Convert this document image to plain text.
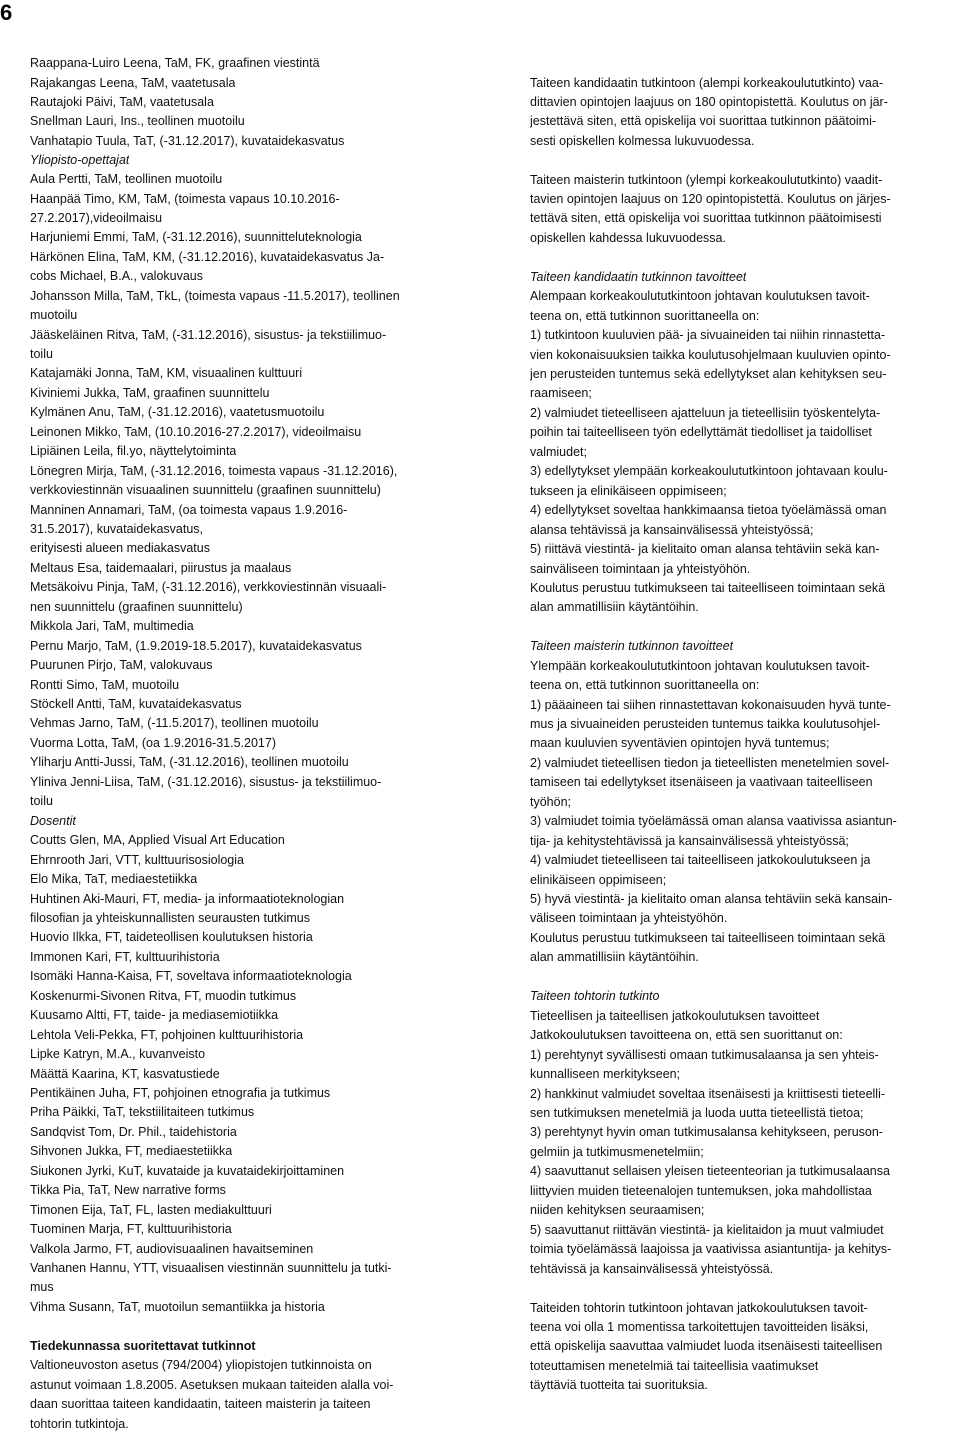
6
Raappana-Luiro Leena, TaM, FK, graafinen viestintä
Rajakangas Leena, TaM, vaatetusala
Rautajoki Päivi, TaM, vaatetusala
Snellman Lauri, Ins., teollinen muotoilu
Vanhatapio Tuula, TaT, (-31.12.2017), kuvataidekasvatus
Yliopisto-opettajat
Aula Pertti, TaM, teollinen muotoilu
Haanpää Timo, KM, TaM, (toimesta vapaus 10.10.2016-
27.2.2017),videoilmaisu
Harjuniemi Emmi, TaM, (-31.12.2016), suunnitteluteknologia
Härkönen Elina, TaM, KM, (-31.12.2016), kuvataidekasvatus Ja-
cobs Michael, B.A., valokuvaus
Johansson Milla, TaM, TkL, (toimesta vapaus -11.5.2017), teollinen
muotoilu
Jääskeläinen Ritva, TaM, (-31.12.2016), sisustus- ja tekstiilimuo-
toilu
Katajamäki Jonna, TaM, KM, visuaalinen kulttuuri
Kiviniemi Jukka, TaM, graafinen suunnittelu
Kylmänen Anu, TaM, (-31.12.2016), vaatetusmuotoilu
Leinonen Mikko, TaM, (10.10.2016-27.2.2017), videoilmaisu
Lipiäinen Leila, fil.yo, näyttelytoiminta
Lönegren Mirja, TaM, (-31.12.2016, toimesta vapaus -31.12.2016),
verkkoviestinnän visuaalinen suunnittelu (graafinen suunnittelu)
Manninen Annamari, TaM, (oa toimesta vapaus 1.9.2016-
31.5.2017), kuvataidekasvatus,
erityisesti alueen mediakasvatus
Meltaus Esa, taidemaalari, piirustus ja maalaus
Metsäkoivu Pinja, TaM, (-31.12.2016), verkkoviestinnän visuaali-
nen suunnittelu (graafinen suunnittelu)
Mikkola Jari, TaM, multimedia
Pernu Marjo, TaM, (1.9.2019-18.5.2017), kuvataidekasvatus
Puurunen Pirjo, TaM, valokuvaus
Rontti Simo, TaM, muotoilu
Stöckell Antti, TaM, kuvataidekasvatus
Vehmas Jarno, TaM, (-11.5.2017), teollinen muotoilu
Vuorma Lotta, TaM, (oa 1.9.2016-31.5.2017)
Yliharju Antti-Jussi, TaM, (-31.12.2016), teollinen muotoilu
Yliniva Jenni-Liisa, TaM, (-31.12.2016), sisustus- ja tekstiilimuo-
toilu
Dosentit
Coutts Glen, MA, Applied Visual Art Education
Ehrnrooth Jari, VTT, kulttuurisosiologia
Elo Mika, TaT, mediaestetiikka
Huhtinen Aki-Mauri, FT, media- ja informaatioteknologian
filosofian ja yhteiskunnallisten seurausten tutkimus
Huovio Ilkka, FT, taideteollisen koulutuksen historia
Immonen Kari, FT, kulttuurihistoria
Isomäki Hanna-Kaisa, FT, soveltava informaatioteknologia
Koskenurmi-Sivonen Ritva, FT, muodin tutkimus
Kuusamo Altti, FT, taide- ja mediasemiotiikka
Lehtola Veli-Pekka, FT, pohjoinen kulttuurihistoria
Lipke Katryn, M.A., kuvanveisto
Määttä Kaarina, KT, kasvatustiede
Pentikäinen Juha, FT, pohjoinen etnografia ja tutkimus
Priha Päikki, TaT, tekstiilitaiteen tutkimus
Sandqvist Tom, Dr. Phil., taidehistoria
Sihvonen Jukka, FT, mediaestetiikka
Siukonen Jyrki, KuT, kuvataide ja kuvataidekirjoittaminen
Tikka Pia, TaT, New narrative forms
Timonen Eija, TaT, FL, lasten mediakulttuuri
Tuominen Marja, FT, kulttuurihistoria
Valkola Jarmo, FT, audiovisuaalinen havaitseminen
Vanhanen Hannu, YTT, visuaalisen viestinnän suunnittelu ja tutki-
mus
Vihma Susann, TaT, muotoilun semantiikka ja historia
Tiedekunnassa suoritettavat tutkinnot
Valtioneuvoston asetus (794/2004) yliopistojen tutkinnoista on
astunut voimaan 1.8.2005. Asetuksen mukaan taiteiden alalla voi-
daan suorittaa taiteen kandidaatin, taiteen maisterin ja taiteen
tohtorin tutkintoja.
Taiteen kandidaatin tutkintoon (alempi korkeakoulututkinto) vaa-
dittavien opintojen laajuus on 180 opintopistettä. Koulutus on jär-
jestettävä siten, että opiskelija voi suorittaa tutkinnon päätoimi-
sesti opiskellen kolmessa lukuvuodessa.
Taiteen maisterin tutkintoon (ylempi korkeakoulututkinto) vaadit-
tavien opintojen laajuus on 120 opintopistettä. Koulutus on järjes-
tettävä siten, että opiskelija voi suorittaa tutkinnon päätoimisesti
opiskellen kahdessa lukuvuodessa.
Taiteen kandidaatin tutkinnon tavoitteet
Alempaan korkeakoulututkintoon johtavan koulutuksen tavoit-
teena on, että tutkinnon suorittaneella on:
1) tutkintoon kuuluvien pää- ja sivuaineiden tai niihin rinnastetta-
vien kokonaisuuksien taikka koulutusohjelmaan kuuluvien opinto-
jen perusteiden tuntemus sekä edellytykset alan kehityksen seu-
raamiseen;
2) valmiudet tieteelliseen ajatteluun ja tieteellisiin työskentelyta-
poihin tai taiteelliseen työn edellyttämät tiedolliset ja taidolliset
valmiudet;
3) edellytykset ylempään korkeakoulututkintoon johtavaan koulu-
tukseen ja elinikäiseen oppimiseen;
4) edellytykset soveltaa hankkimaansa tietoa työelämässä oman
alansa tehtävissä ja kansainvälisessä yhteistyössä;
5) riittävä viestintä- ja kielitaito oman alansa tehtäviin sekä kan-
sainväliseen toimintaan ja yhteistyöhön.
Koulutus perustuu tutkimukseen tai taiteelliseen toimintaan sekä
alan ammatillisiin käytäntöihin.
Taiteen maisterin tutkinnon tavoitteet
Ylempään korkeakoulututkintoon johtavan koulutuksen tavoit-
teena on, että tutkinnon suorittaneella on:
1) pääaineen tai siihen rinnastettavan kokonaisuuden hyvä tunte-
mus ja sivuaineiden perusteiden tuntemus taikka koulutusohjel-
maan kuuluvien syventävien opintojen hyvä tuntemus;
2) valmiudet tieteellisen tiedon ja tieteellisten menetelmien sovel-
tamiseen tai edellytykset itsenäiseen ja vaativaan taiteelliseen
työhön;
3) valmiudet toimia työelämässä oman alansa vaativissa asiantun-
tija- ja kehitystehtävissä ja kansainvälisessä yhteistyössä;
4) valmiudet tieteelliseen tai taiteelliseen jatkokoulutukseen ja
elinikäiseen oppimiseen;
5) hyvä viestintä- ja kielitaito oman alansa tehtäviin sekä kansain-
väliseen toimintaan ja yhteistyöhön.
Koulutus perustuu tutkimukseen tai taiteelliseen toimintaan sekä
alan ammatillisiin käytäntöihin.
Taiteen tohtorin tutkinto
Tieteellisen ja taiteellisen jatkokoulutuksen tavoitteet
Jatkokoulutuksen tavoitteena on, että sen suorittanut on:
1) perehtynyt syvällisesti omaan tutkimusalaansa ja sen yhteis-
kunnalliseen merkitykseen;
2) hankkinut valmiudet soveltaa itsenäisesti ja kriittisesti tieteelli-
sen tutkimuksen menetelmiä ja luoda uutta tieteellistä tietoa;
3) perehtynyt hyvin oman tutkimusalansa kehitykseen, peruson-
gelmiin ja tutkimusmenetelmiin;
4) saavuttanut sellaisen yleisen tieteenteorian ja tutkimusalaansa
liittyvien muiden tieteenalojen tuntemuksen, joka mahdollistaa
niiden kehityksen seuraamisen;
5) saavuttanut riittävän viestintä- ja kielitaidon ja muut valmiudet
toimia työelämässä laajoissa ja vaativissa asiantuntija- ja kehitys-
tehtävissä ja kansainvälisessä yhteistyössä.
Taiteiden tohtorin tutkintoon johtavan jatkokoulutuksen tavoit-
teena voi olla 1 momentissa tarkoitettujen tavoitteiden lisäksi,
että opiskelija saavuttaa valmiudet luoda itsenäisesti taiteellisen
toteuttamisen menetelmiä tai taiteellisia vaatimukset
täyttäviä tuotteita tai suorituksia.
